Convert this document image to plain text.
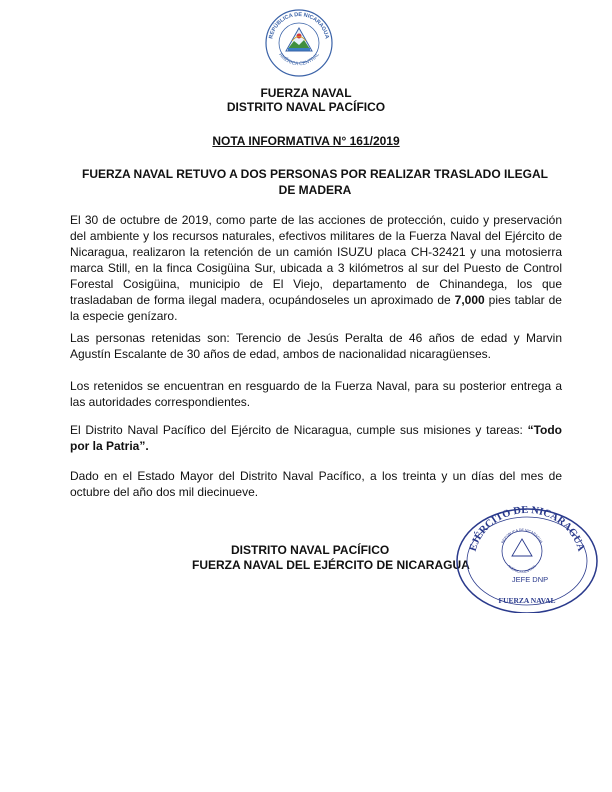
REPÚBLICA DE NICARAGUA
AMÉRICA CENTRAL
FUERZA NAVAL
DISTRITO NAVAL PACÍFICO
NOTA INFORMATIVA N° 161/2019
FUERZA NAVAL RETUVO A DOS PERSONAS POR REALIZAR TRASLADO ILEGAL DE MADERA

El 30 de octubre de 2019, como parte de las acciones de protección, cuido y preservación del ambiente y los recursos naturales, efectivos militares de la Fuerza Naval del Ejército de Nicaragua, realizaron la retención de un camión ISUZU placa CH-32421 y una motosierra marca Still, en la finca Cosigüina Sur, ubicada a 3 kilómetros al sur del Puesto de Control Forestal Cosigüina, municipio de El Viejo, departamento de Chinandega, los que trasladaban de forma ilegal madera, ocupándoseles un aproximado de 7,000 pies tablar de la especie genízaro.

Las personas retenidas son: Terencio de Jesús Peralta de 46 años de edad y Marvin Agustín Escalante de 30 años de edad, ambos de nacionalidad nicaragüenses.

Los retenidos se encuentran en resguardo de la Fuerza Naval, para su posterior entrega a las autoridades correspondientes.

El Distrito Naval Pacífico del Ejército de Nicaragua, cumple sus misiones y tareas: “Todo por la Patria”.

Dado en el Estado Mayor del Distrito Naval Pacífico, a los treinta y un días del mes de octubre del año dos mil diecinueve.

DISTRITO NAVAL PACÍFICO
FUERZA NAVAL DEL EJÉRCITO DE NICARAGUA
EJÉRCITO DE NICARAGUA
REPÚBLICA DE NICARAGUA
AMÉRICA CENTRAL
JEFE DNP
FUERZA NAVAL
